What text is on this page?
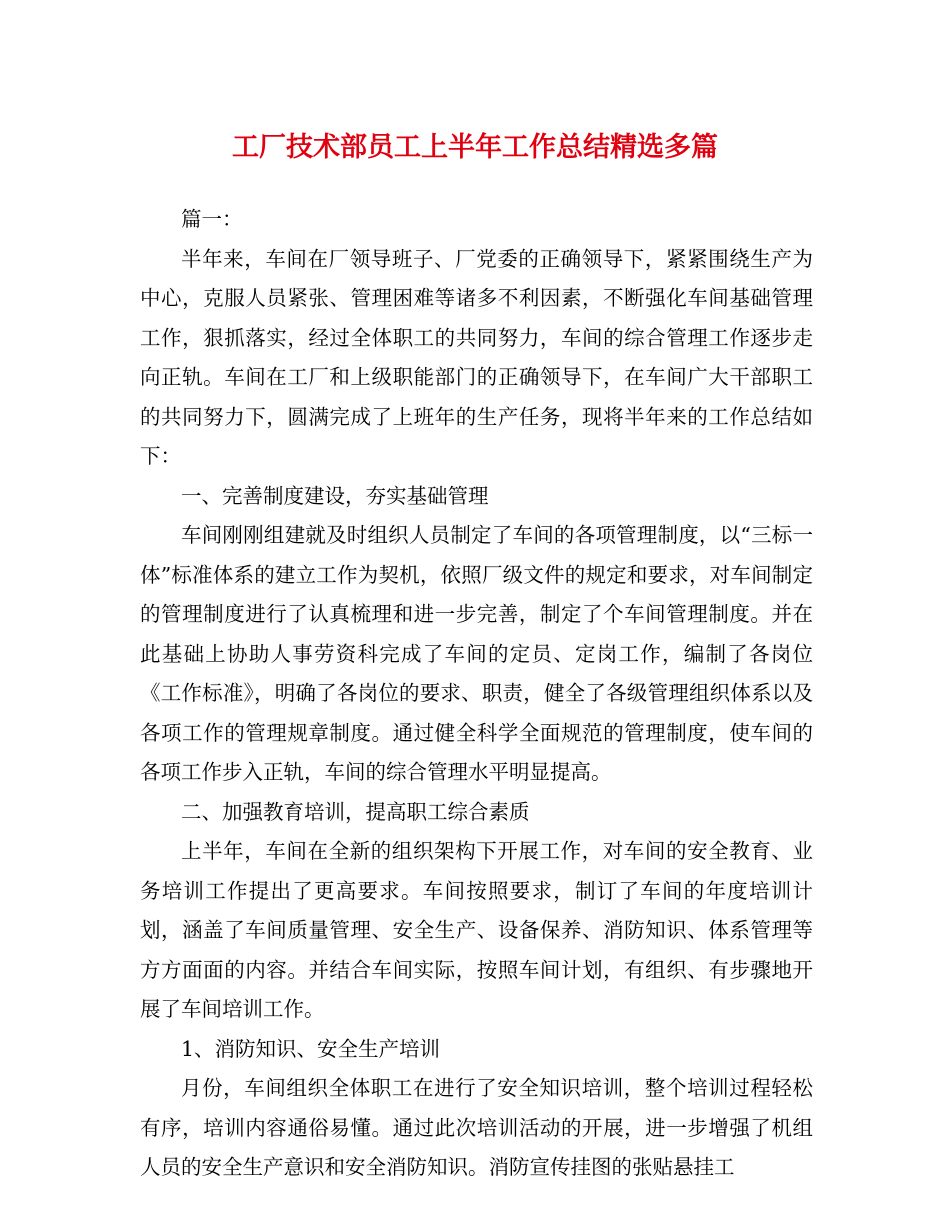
工厂技术部员工上半年工作总结精选多篇

篇一：

半年来，车间在厂领导班子、厂党委的正确领导下，紧紧围绕生产为中心，克服人员紧张、管理困难等诸多不利因素，不断强化车间基础管理工作，狠抓落实，经过全体职工的共同努力，车间的综合管理工作逐步走向正轨。车间在工厂和上级职能部门的正确领导下，在车间广大干部职工的共同努力下，圆满完成了上班年的生产任务，现将半年来的工作总结如下：

一、完善制度建设，夯实基础管理

车间刚刚组建就及时组织人员制定了车间的各项管理制度，以“三标一体”标准体系的建立工作为契机，依照厂级文件的规定和要求，对车间制定的管理制度进行了认真梳理和进一步完善，制定了个车间管理制度。并在此基础上协助人事劳资科完成了车间的定员、定岗工作，编制了各岗位《工作标准》，明确了各岗位的要求、职责，健全了各级管理组织体系以及各项工作的管理规章制度。通过健全科学全面规范的管理制度，使车间的各项工作步入正轨，车间的综合管理水平明显提高。

二、加强教育培训，提高职工综合素质

上半年，车间在全新的组织架构下开展工作，对车间的安全教育、业务培训工作提出了更高要求。车间按照要求，制订了车间的年度培训计划，涵盖了车间质量管理、安全生产、设备保养、消防知识、体系管理等方方面面的内容。并结合车间实际，按照车间计划，有组织、有步骤地开展了车间培训工作。

1、消防知识、安全生产培训

月份，车间组织全体职工在进行了安全知识培训，整个培训过程轻松有序，培训内容通俗易懂。通过此次培训活动的开展，进一步增强了机组人员的安全生产意识和安全消防知识。消防宣传挂图的张贴悬挂工
